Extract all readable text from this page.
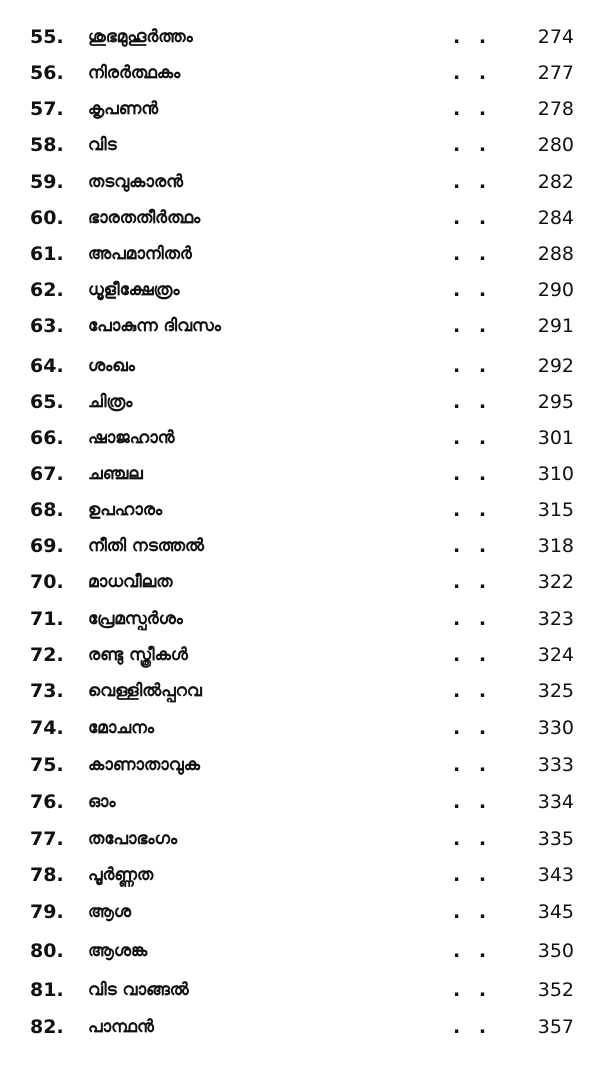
55.	ശുഭമുഹൂർത്തം	. .	274
56.	നിരർത്ഥകം	. .	277
57.	കൃപണൻ	. .	278
58.	വിട	. .	280
59.	തടവുകാരൻ	. .	282
60.	ഭാരതതീർത്ഥം	. .	284
61.	അപമാനിതർ	. .	288
62.	ധൂളീക്ഷേത്രം	. .	290
63.	പോകുന്ന ദിവസം	. .	291
64.	ശംഖം	. .	292
65.	ചിത്രം	. .	295
66.	ഷാജഹാൻ	. .	301
67.	ചഞ്ചല	. .	310
68.	ഉപഹാരം	. .	315
69.	നീതി നടത്തൽ	. .	318
70.	മാധവീലത	. .	322
71.	പ്രേമസ്പർശം	. .	323
72.	രണ്ടു സ്ത്രീകൾ	. .	324
73.	വെള്ളിൽപ്പറവ	. .	325
74.	മോചനം	. .	330
75.	കാണാതാവുക	. .	333
76.	ഓം	. .	334
77.	തപോഭംഗം	. .	335
78.	പൂർണ്ണത	. .	343
79.	ആശ	. .	345
80.	ആശങ്ക	. .	350
81.	വിട വാങ്ങൽ	. .	352
82.	പാന്ഥൻ	. .	357
